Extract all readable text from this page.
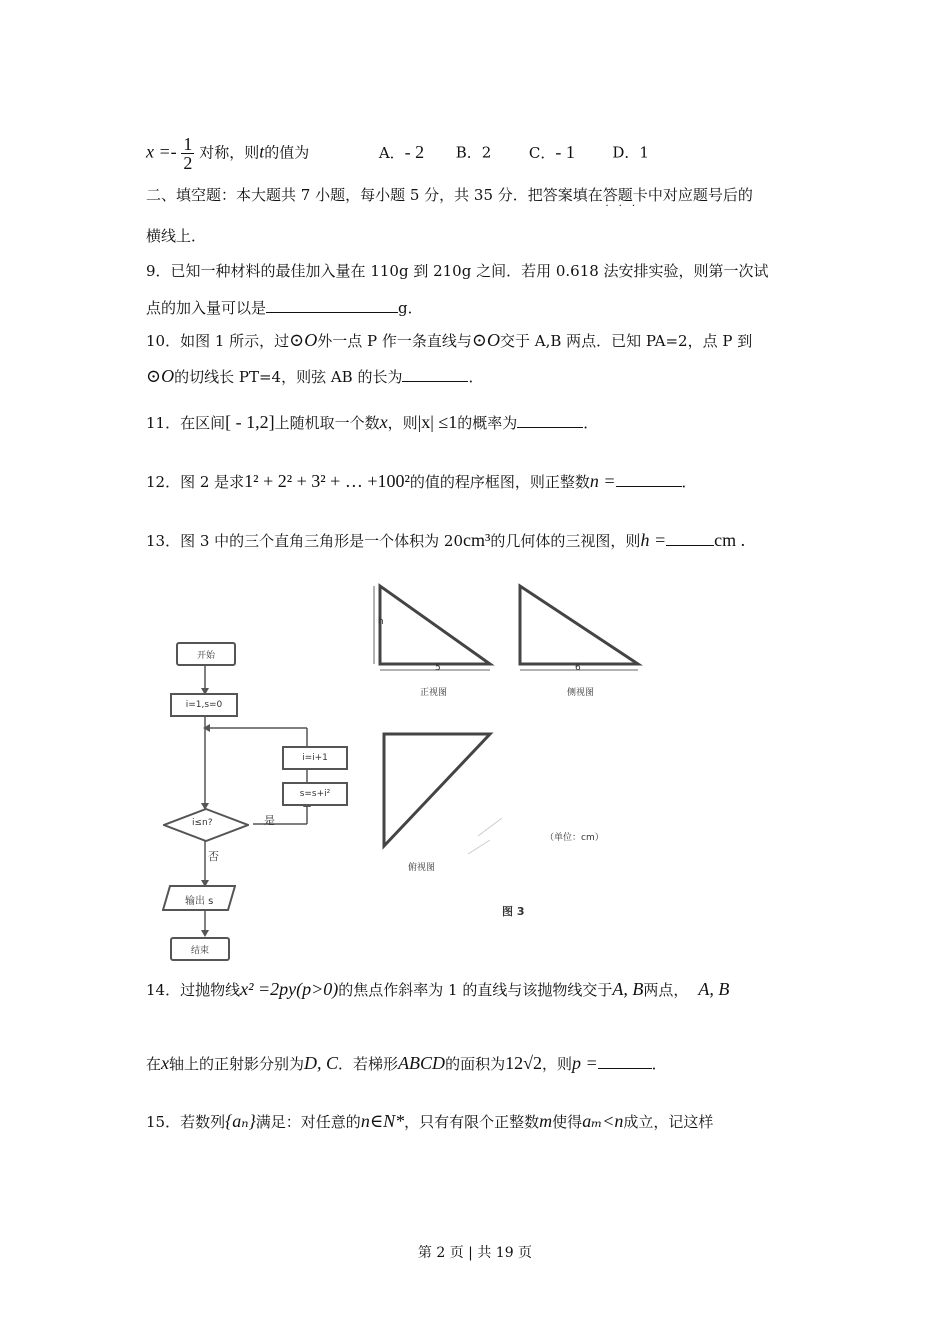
$x =- \frac{1}{2}$ 对称，则t的值为	A．- 2 B．2	C．- 1	D．1
二、填空题：本大题共 7 小题，每小题 5 分，共 35 分．把答案填在答题卡
···
中对应题号后的
横线上．
9．已知一种材料的最佳加入量在 110g 到 210g 之间．若用 0.618 法安排实验，则第一次试
点的加入量可以是	g．
10．如图 1 所示，过⊙O外一点 P 作一条直线与⊙O交于 A,B 两点．已知 PA=2，点 P 到
⊙O的切线长 PT=4，则弦 AB 的长为	．
11．在区间[ - 1,2]上随机取一个数x，则|x| ≤1的概率为	．
12．图 2 是求1² + 2² + 3² + … +100²的值的程序框图，则正整数n =	．
13．图 3 中的三个直角三角形是一个体积为 20cm³的几何体的三视图，则h =	cm .
开始
i=1,s=0
i=i+1
s=s+i²
i≤n?	是
否
输出 s
结束
h
5	6
正视图	侧视图
俯视图
（单位：cm）
图 3
14．过抛物线x² =2py(p>0)的焦点作斜率为 1 的直线与该抛物线交于A, B两点， A, B
在x轴上的正射影分别为D, C．若梯形ABCD的面积为12√2，则p =	．
15．若数列{aₙ}满足：对任意的n∈N*，只有有限个正整数m使得aₘ<n成立，记这样
第 2 页 | 共 19 页
